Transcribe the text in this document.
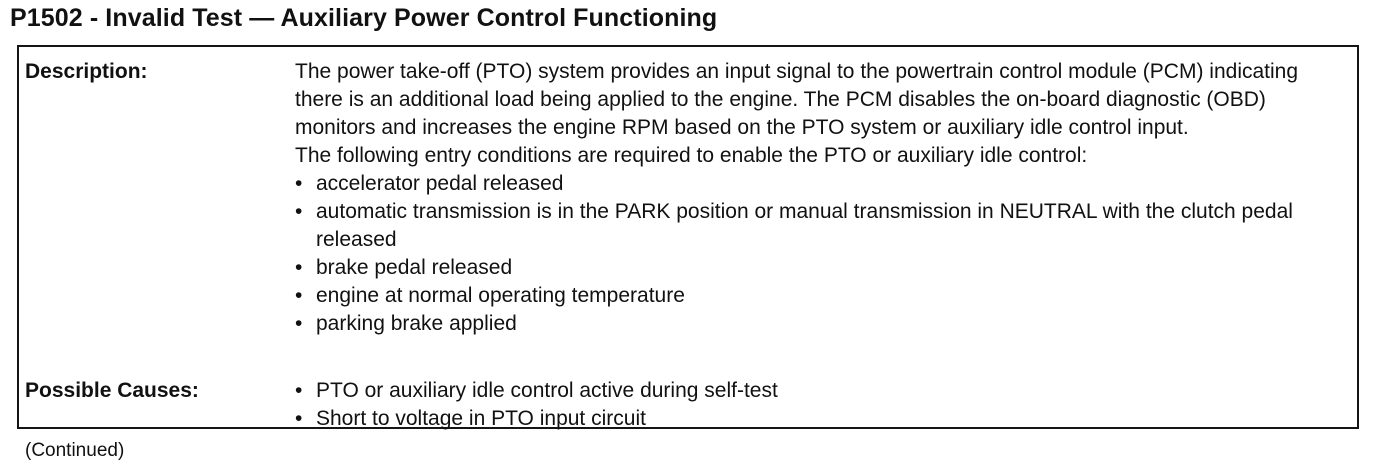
P1502 - Invalid Test — Auxiliary Power Control Functioning
Description:	The power take-off (PTO) system provides an input signal to the powertrain control module (PCM) indicating there is an additional load being applied to the engine. The PCM disables the on-board diagnostic (OBD) monitors and increases the engine RPM based on the PTO system or auxiliary idle control input.

The following entry conditions are required to enable the PTO or auxiliary idle control:

• accelerator pedal released
• automatic transmission is in the PARK position or manual transmission in NEUTRAL with the clutch pedal released
• brake pedal released
• engine at normal operating temperature
• parking brake applied
Possible Causes:	• PTO or auxiliary idle control active during self-test
• Short to voltage in PTO input circuit
(Continued)
